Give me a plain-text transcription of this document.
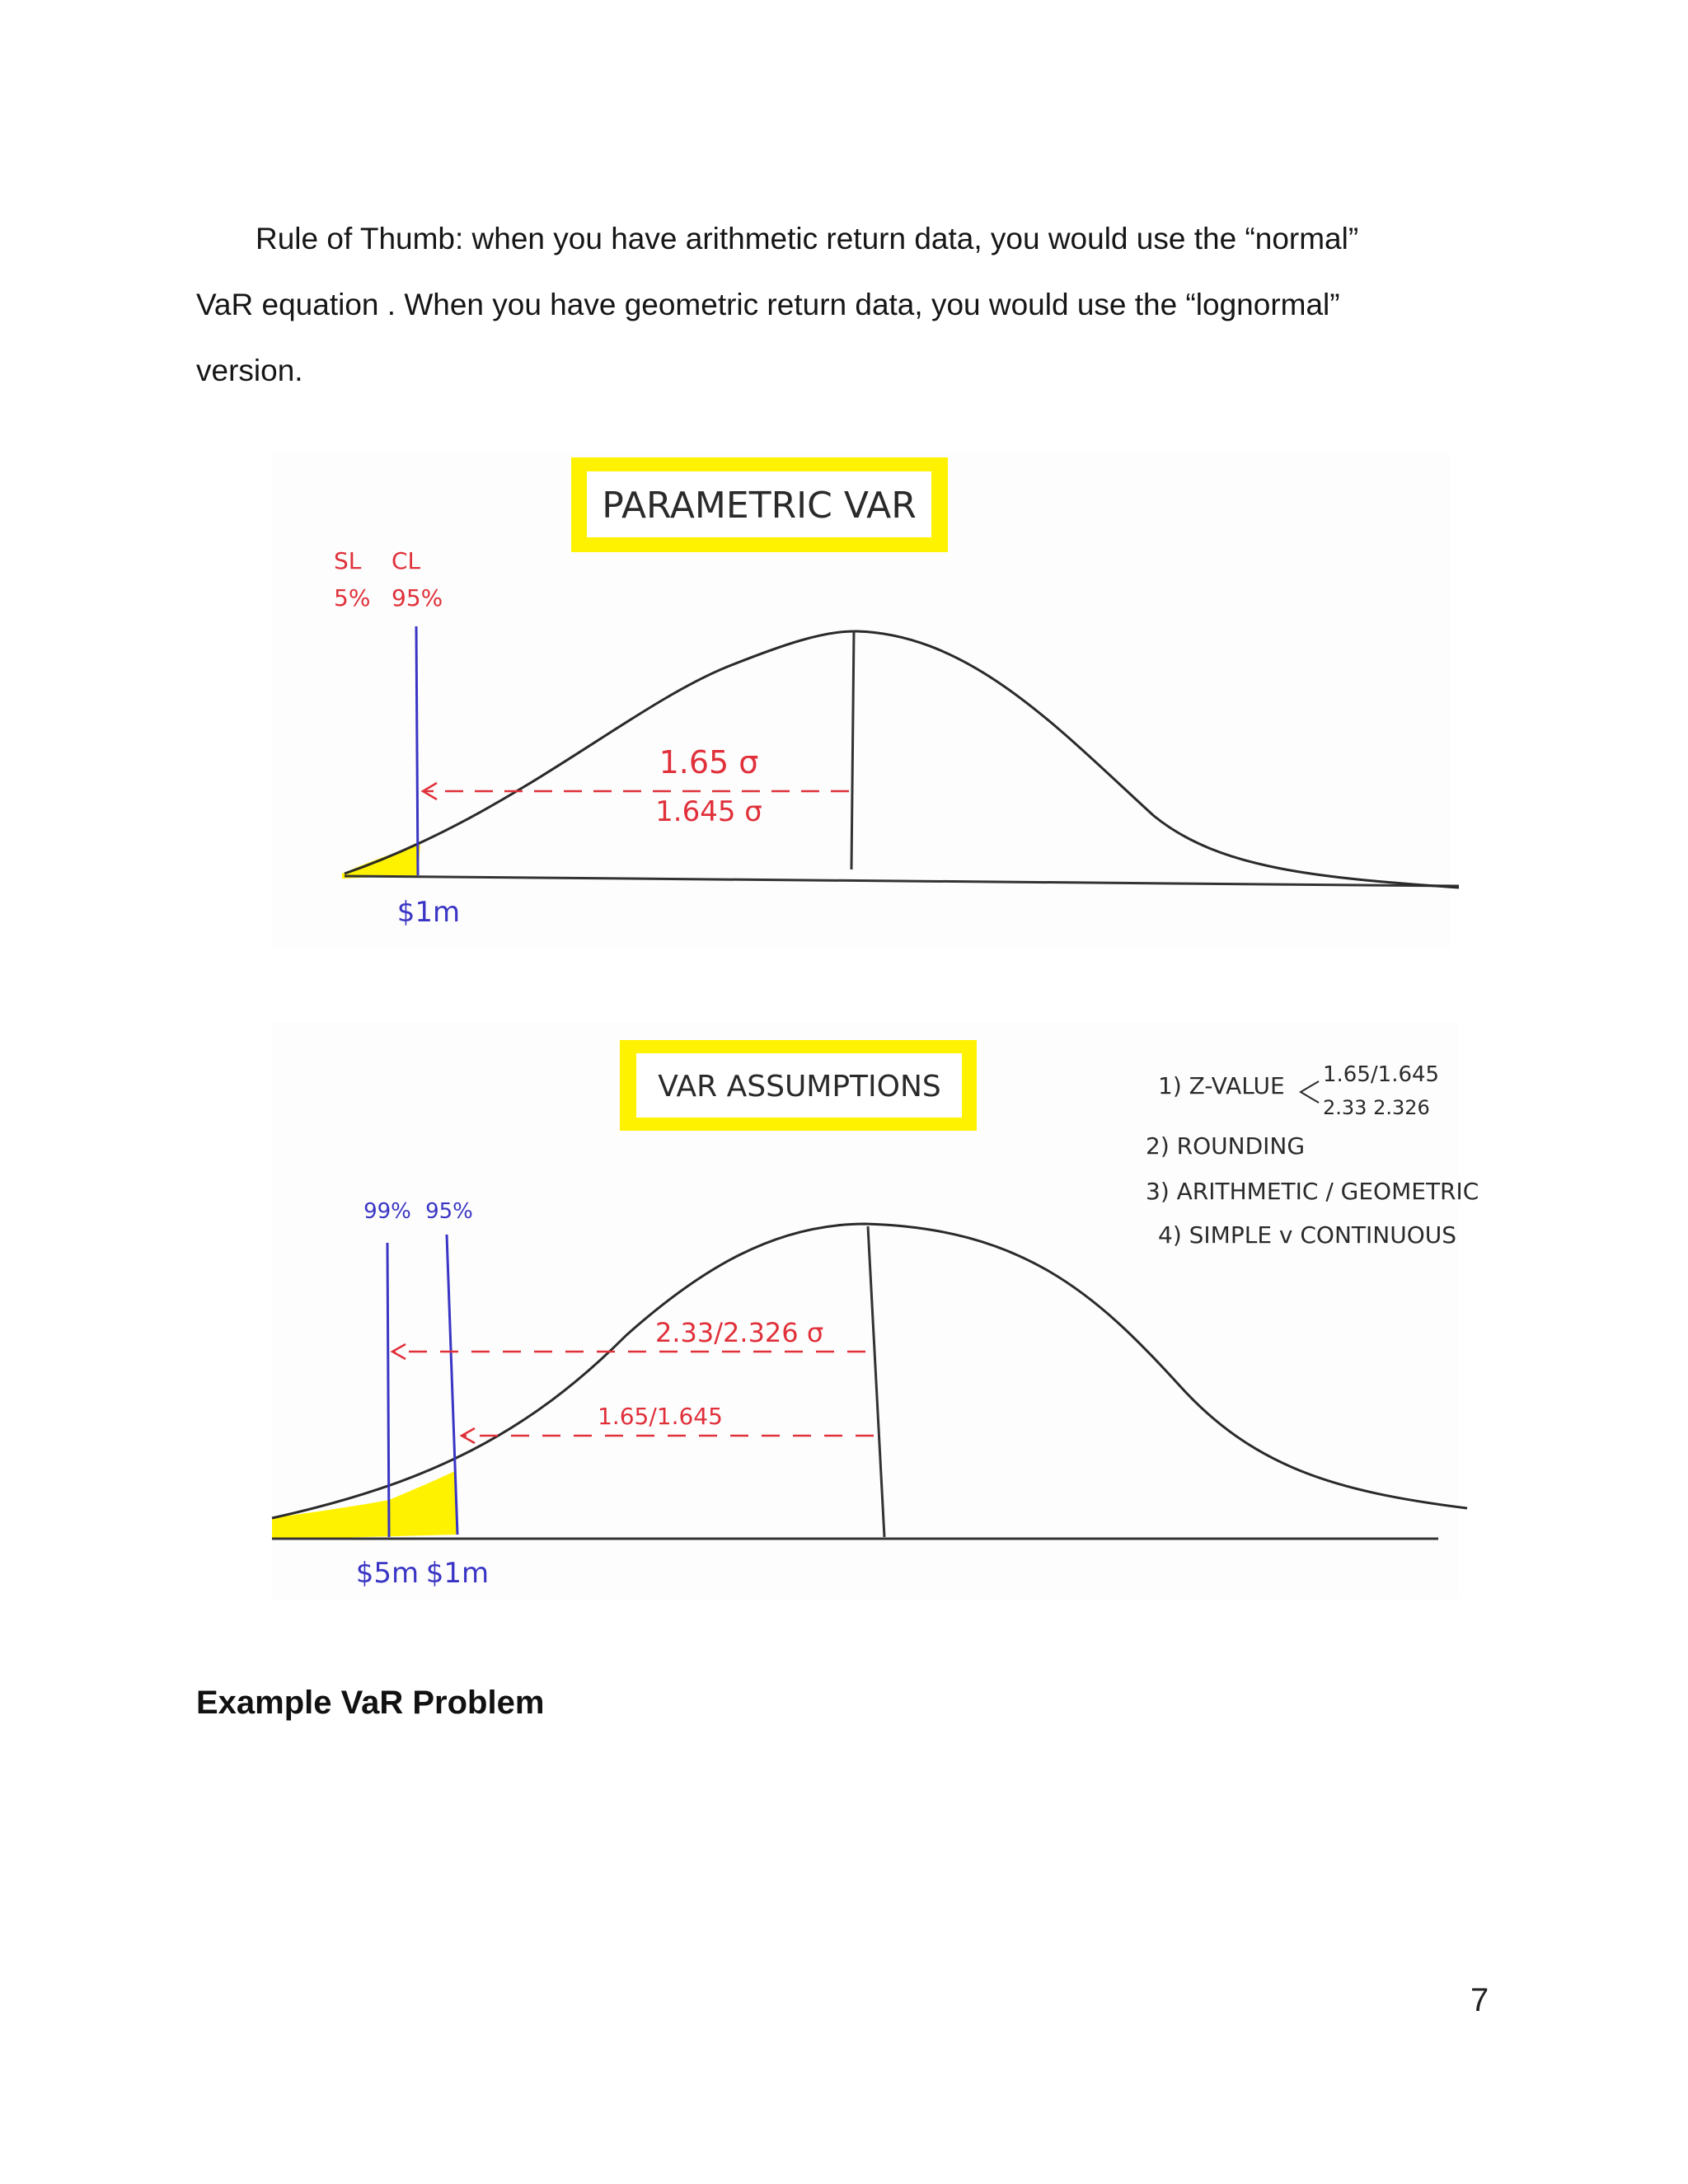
Rule of Thumb: when you have arithmetic return data, you would use the “normal”

VaR equation . When you have geometric return data, you would use the “lognormal”

version.

PARAMETRIC VAR
SL CL
5% 95%
1.65 σ
1.645 σ
$1m
VAR ASSUMPTIONS	1) Z-VALUE 1.65/1.645
2.33 2.326
2) ROUNDING
3) ARITHMETIC / GEOMETRIC
4) SIMPLE v CONTINUOUS
99% 95%
2.33/2.326 σ
1.65/1.645
$5m $1m
Example VaR Problem
7
